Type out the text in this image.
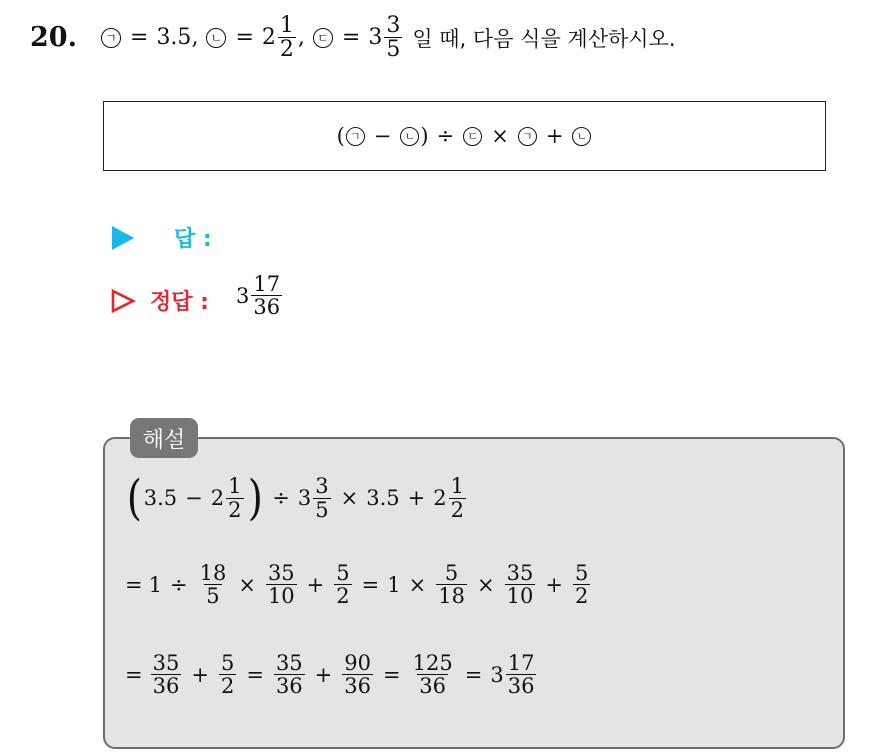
20.	ㄱ = 3.5 , ㄴ = $2 \frac{1}{2}$ , ㄷ = $3 \frac{3}{5}$ 일 때, 다음 식을 계산하시오.
( ㄱ −	ㄴ ) ÷	ㄷ ×	ㄱ +	ㄴ
답 :
정답 : $3 \frac{17}{36}$
해설
( $3.5 - 2 \frac{1}{2}$ ) ÷ $3 \frac{3}{5} \times 3.5 + 2 \frac{1}{2}$
= $1 \div \frac{18}{5} \times \frac{35}{10} + \frac{5}{2} = 1 \times \frac{5}{18} \times \frac{35}{10} + \frac{5}{2}$
= $\frac{35}{36} + \frac{5}{2} = \frac{35}{36} + \frac{90}{36} = \frac{125}{36} = 3 \frac{17}{36}$
